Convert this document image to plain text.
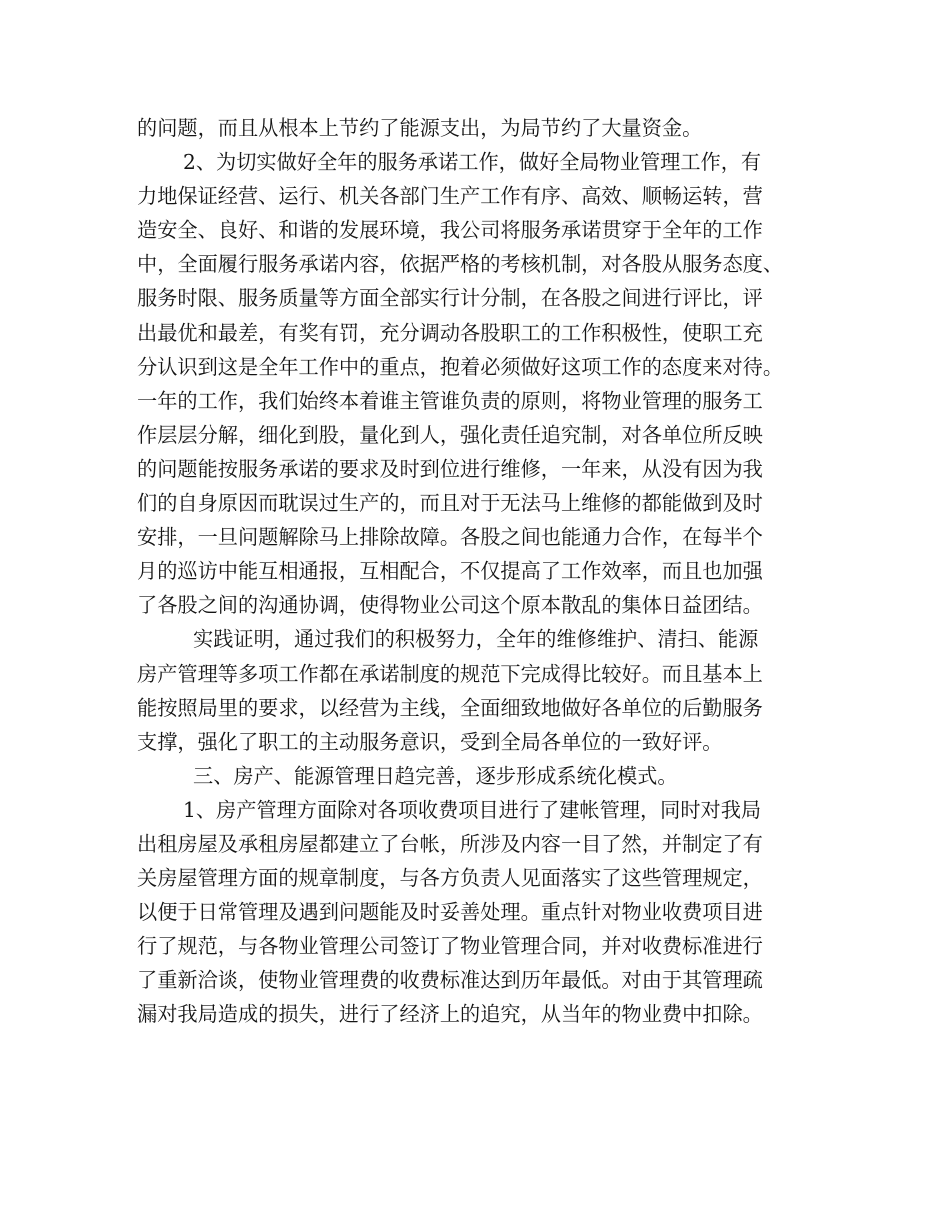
的问题，而且从根本上节约了能源支出，为局节约了大量资金。
2、为切实做好全年的服务承诺工作，做好全局物业管理工作，有
力地保证经营、运行、机关各部门生产工作有序、高效、顺畅运转，营
造安全、良好、和谐的发展环境，我公司将服务承诺贯穿于全年的工作
中，全面履行服务承诺内容，依据严格的考核机制，对各股从服务态度、
服务时限、服务质量等方面全部实行计分制，在各股之间进行评比，评
出最优和最差，有奖有罚，充分调动各股职工的工作积极性，使职工充
分认识到这是全年工作中的重点，抱着必须做好这项工作的态度来对待。
一年的工作，我们始终本着谁主管谁负责的原则，将物业管理的服务工
作层层分解，细化到股，量化到人，强化责任追究制，对各单位所反映
的问题能按服务承诺的要求及时到位进行维修，一年来，从没有因为我
们的自身原因而耽误过生产的，而且对于无法马上维修的都能做到及时
安排，一旦问题解除马上排除故障。各股之间也能通力合作，在每半个
月的巡访中能互相通报，互相配合，不仅提高了工作效率，而且也加强
了各股之间的沟通协调，使得物业公司这个原本散乱的集体日益团结。
实践证明，通过我们的积极努力，全年的维修维护、清扫、能源
房产管理等多项工作都在承诺制度的规范下完成得比较好。而且基本上
能按照局里的要求，以经营为主线，全面细致地做好各单位的后勤服务
支撑，强化了职工的主动服务意识，受到全局各单位的一致好评。
三、房产、能源管理日趋完善，逐步形成系统化模式。
1、房产管理方面除对各项收费项目进行了建帐管理，同时对我局
出租房屋及承租房屋都建立了台帐，所涉及内容一目了然，并制定了有
关房屋管理方面的规章制度，与各方负责人见面落实了这些管理规定，
以便于日常管理及遇到问题能及时妥善处理。重点针对物业收费项目进
行了规范，与各物业管理公司签订了物业管理合同，并对收费标准进行
了重新洽谈，使物业管理费的收费标准达到历年最低。对由于其管理疏
漏对我局造成的损失，进行了经济上的追究，从当年的物业费中扣除。
